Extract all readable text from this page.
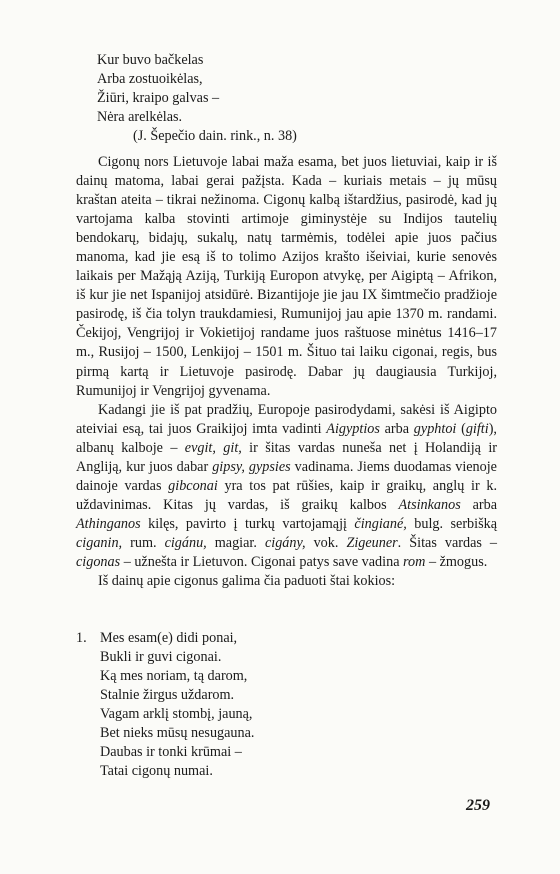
Kur buvo bačkelas
Arba zostuoikėlas,
Žiūri, kraipo galvas –
Nėra arelkėlas.
(J. Šepečio dain. rink., n. 38)

Cigonų nors Lietuvoje labai maža esama, bet juos lietuviai, kaip ir iš dainų matoma, labai gerai pažįsta. Kada – kuriais metais – jų mūsų kraštan ateita – tikrai nežinoma. Cigonų kalbą ištardžius, pasirodė, kad jų vartojama kalba stovinti artimoje giminystėje su Indijos tautelių bendokarų, bidajų, sukalų, natų tarmėmis, todėlei apie juos pačius manoma, kad jie esą iš to tolimo Azijos krašto išeiviai, kurie senovės laikais per Mažąją Aziją, Turkiją Europon atvykę, per Aigiptą – Afrikon, iš kur jie net Ispanijoj atsidūrė. Bizantijoje jie jau IX šimtmečio pradžioje pasirodę, iš čia tolyn traukdamiesi, Rumunijoj jau apie 1370 m. randami. Čekijoj, Vengrijoj ir Vokietijoj randame juos raštuose minėtus 1416–17 m., Rusijoj – 1500, Lenkijoj – 1501 m. Šituo tai laiku cigonai, regis, bus pirmą kartą ir Lietuvoje pasirodę. Dabar jų daugiausia Turkijoj, Rumunijoj ir Vengrijoj gyvenama.

Kadangi jie iš pat pradžių, Europoje pasirodydami, sakėsi iš Aigipto ateiviai esą, tai juos Graikijoj imta vadinti Aigyptios arba gyphtoi (gifti), albanų kalboje – evgit, git, ir šitas vardas nuneša net į Holandiją ir Angliją, kur juos dabar gipsy, gypsies vadinama. Jiems duodamas vienoje dainoje vardas gibconai yra tos pat rūšies, kaip ir graikų, anglų ir k. uždavinimas. Kitas jų vardas, iš graikų kalbos Atsinkanos arba Athinganos kilęs, pavirto į turkų vartojamąjį čingiané, bulg. serbišką ciganin, rum. cigánu, magiar. cigány, vok. Zigeuner. Šitas vardas – cigonas – užnešta ir Lietuvon. Cigonai patys save vadina rom – žmogus.

Iš dainų apie cigonus galima čia paduoti štai kokios:

1. Mes esam(e) didi ponai,
Bukli ir guvi cigonai.
Ką mes noriam, tą darom,
Stalnie žirgus uždarom.
Vagam arklį stombį, jauną,
Bet nieks mūsų nesugauna.
Daubas ir tonki krūmai –
Tatai cigonų numai.
259
